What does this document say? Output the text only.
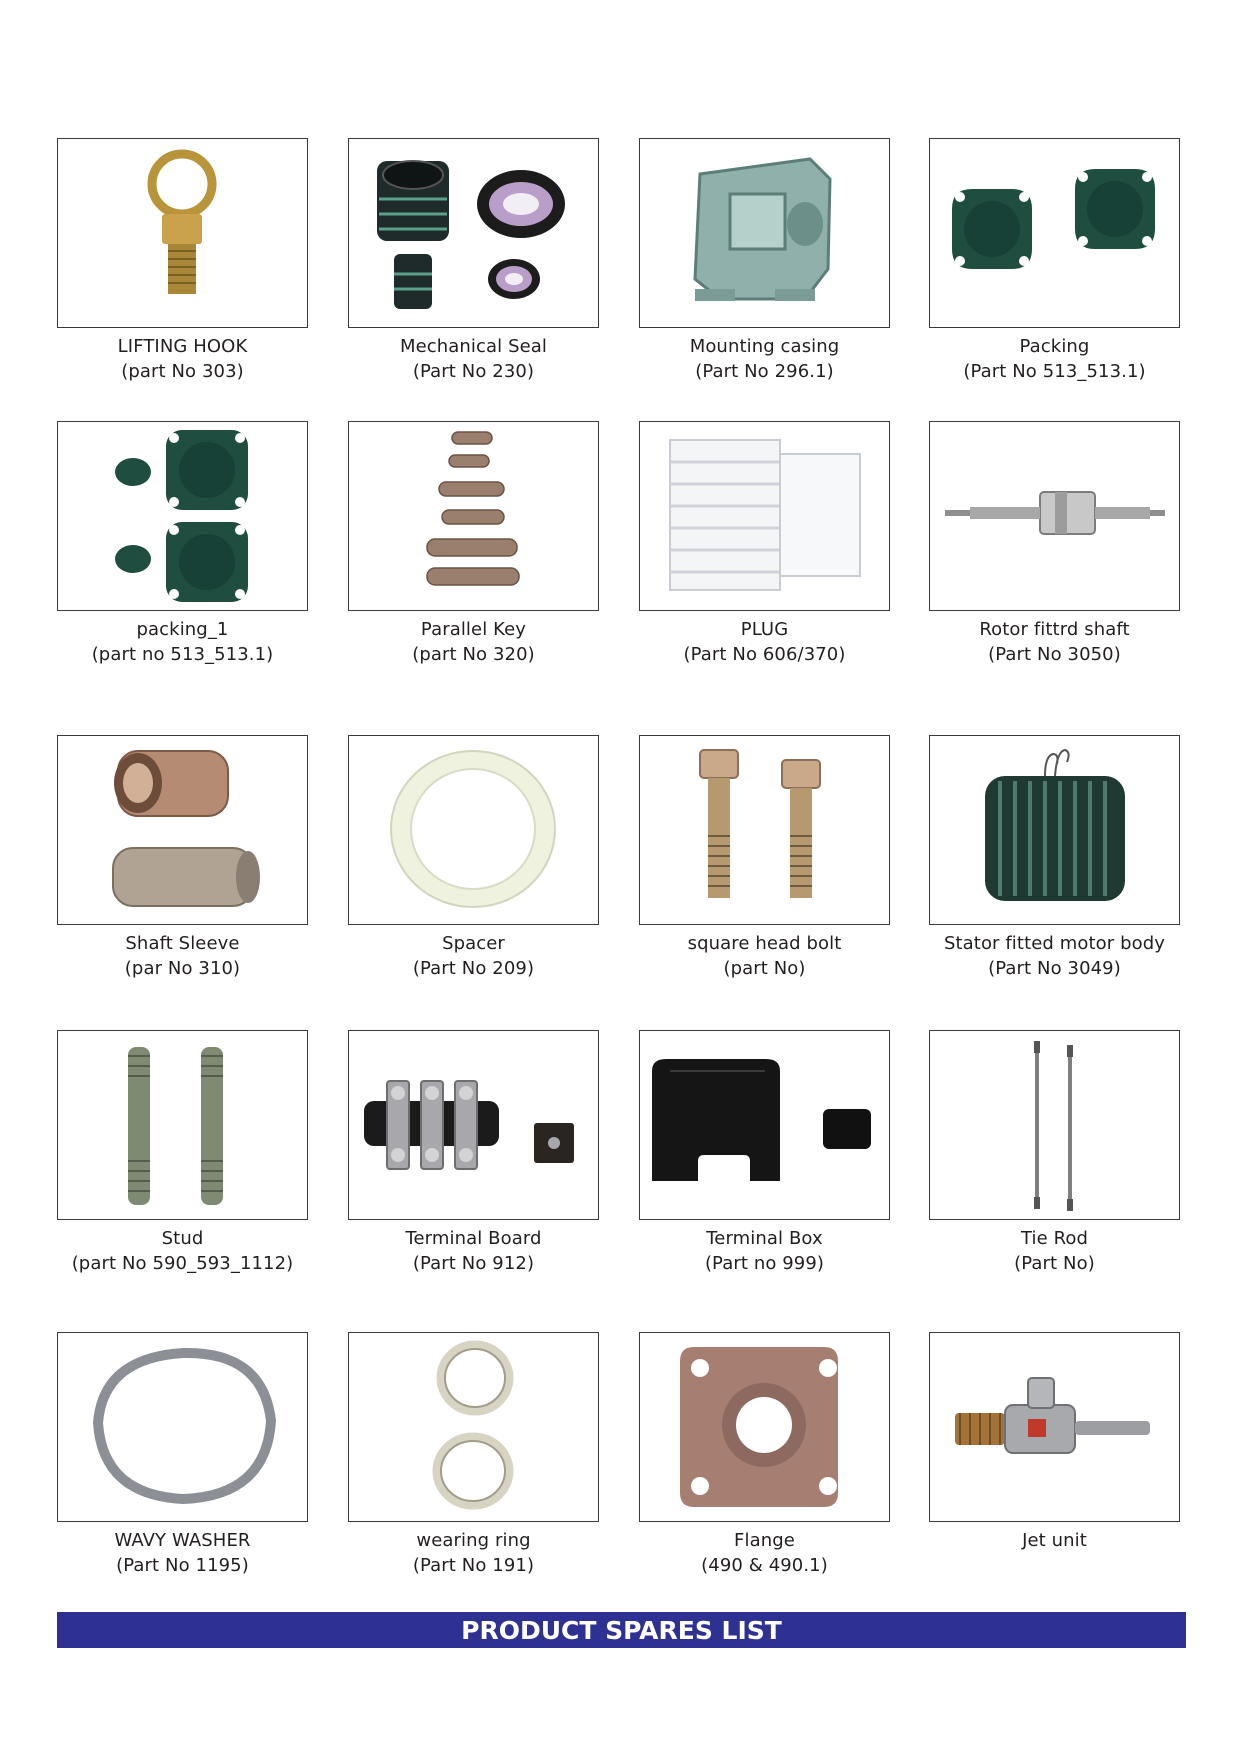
LIFTING HOOK
(part No 303)
Mechanical Seal
(Part No 230)
Mounting casing
(Part No 296.1)
Packing
(Part No 513_513.1)
packing_1
(part no 513_513.1)
Parallel Key
(part No 320)
PLUG
(Part No 606/370)
Rotor fittrd shaft
(Part No 3050)
Shaft Sleeve
(par No 310)
Spacer
(Part No 209)
square head bolt
(part No)
Stator fitted motor body
(Part No 3049)
Stud
(part No 590_593_1112)
Terminal Board
(Part No 912)
Terminal Box
(Part no 999)
Tie Rod
(Part No)
WAVY WASHER
(Part No 1195)
wearing ring
(Part No 191)
Flange
(490 & 490.1)
Jet unit
PRODUCT SPARES LIST
